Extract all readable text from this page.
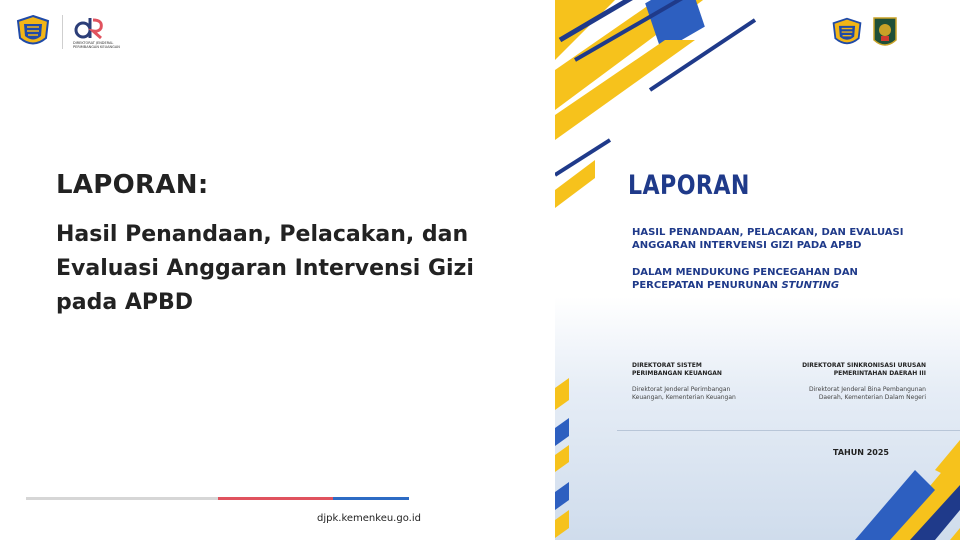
DIREKTORAT JENDERAL
PERIMBANGAN KEUANGAN
LAPORAN:
Hasil Penandaan, Pelacakan, dan Evaluasi Anggaran Intervensi Gizi pada APBD
djpk.kemenkeu.go.id
LAPORAN
HASIL PENANDAAN, PELACAKAN, DAN EVALUASI
ANGGARAN INTERVENSI GIZI PADA APBD
DALAM MENDUKUNG PENCEGAHAN DAN
PERCEPATAN PENURUNAN STUNTING
DIREKTORAT SISTEM
PERIMBANGAN KEUANGAN
Direktorat Jenderal Perimbangan
Keuangan, Kementerian Keuangan
DIREKTORAT SINKRONISASI URUSAN
PEMERINTAHAN DAERAH III
Direktorat Jenderal Bina Pembangunan
Daerah, Kementerian Dalam Negeri
TAHUN 2025
